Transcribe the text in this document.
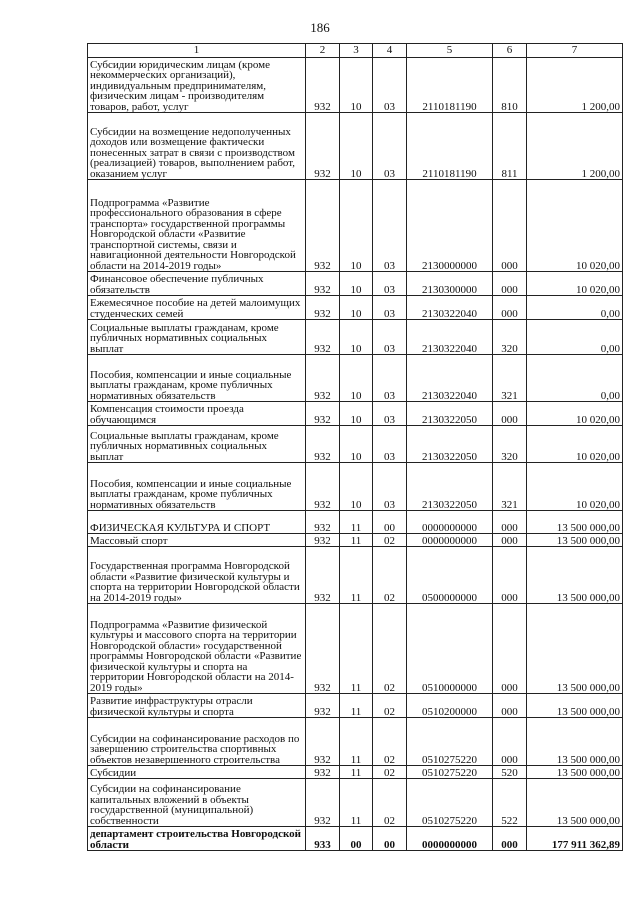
186
1	2	3	4	5	6	7
Субсидии юридическим лицам (кроме некоммерческих организаций), индивидуальным предпринимателям, физическим лицам - производителям товаров, работ, услуг	932	10	03	2110181190	810	1 200,00
Субсидии на возмещение недополученных доходов или возмещение фактически понесенных затрат в связи с производством (реализацией) товаров, выполнением работ, оказанием услуг	932	10	03	2110181190	811	1 200,00
Подпрограмма «Развитие профессионального образования в сфере транспорта» государственной программы Новгородской области «Развитие транспортной системы, связи и навигационной деятельности Новгородской области на 2014-2019 годы»	932	10	03	2130000000	000	10 020,00
Финансовое обеспечение публичных обязательств	932	10	03	2130300000	000	10 020,00
Ежемесячное пособие на детей малоимущих студенческих семей	932	10	03	2130322040	000	0,00
Социальные выплаты гражданам, кроме публичных нормативных социальных выплат	932	10	03	2130322040	320	0,00
Пособия, компенсации и иные социальные выплаты гражданам, кроме публичных нормативных обязательств	932	10	03	2130322040	321	0,00
Компенсация стоимости проезда обучающимся	932	10	03	2130322050	000	10 020,00
Социальные выплаты гражданам, кроме публичных нормативных социальных выплат	932	10	03	2130322050	320	10 020,00
Пособия, компенсации и иные социальные выплаты гражданам, кроме публичных нормативных обязательств	932	10	03	2130322050	321	10 020,00
ФИЗИЧЕСКАЯ КУЛЬТУРА И СПОРТ	932	11	00	0000000000	000	13 500 000,00
Массовый спорт	932	11	02	0000000000	000	13 500 000,00
Государственная программа Новгородской области «Развитие физической культуры и спорта на территории Новгородской области на 2014-2019 годы»	932	11	02	0500000000	000	13 500 000,00
Подпрограмма «Развитие физической культуры и массового спорта на территории Новгородской области» государственной программы Новгородской области «Развитие физической культуры и спорта на территории Новгородской области на 2014-2019 годы»	932	11	02	0510000000	000	13 500 000,00
Развитие инфраструктуры отрасли физической культуры и спорта	932	11	02	0510200000	000	13 500 000,00
Субсидии на софинансирование расходов по завершению строительства спортивных объектов незавершенного строительства	932	11	02	0510275220	000	13 500 000,00
Субсидии	932	11	02	0510275220	520	13 500 000,00
Субсидии на софинансирование капитальных вложений в объекты государственной (муниципальной) собственности	932	11	02	0510275220	522	13 500 000,00
департамент строительства Новгородской области	933	00	00	0000000000	000	177 911 362,89
